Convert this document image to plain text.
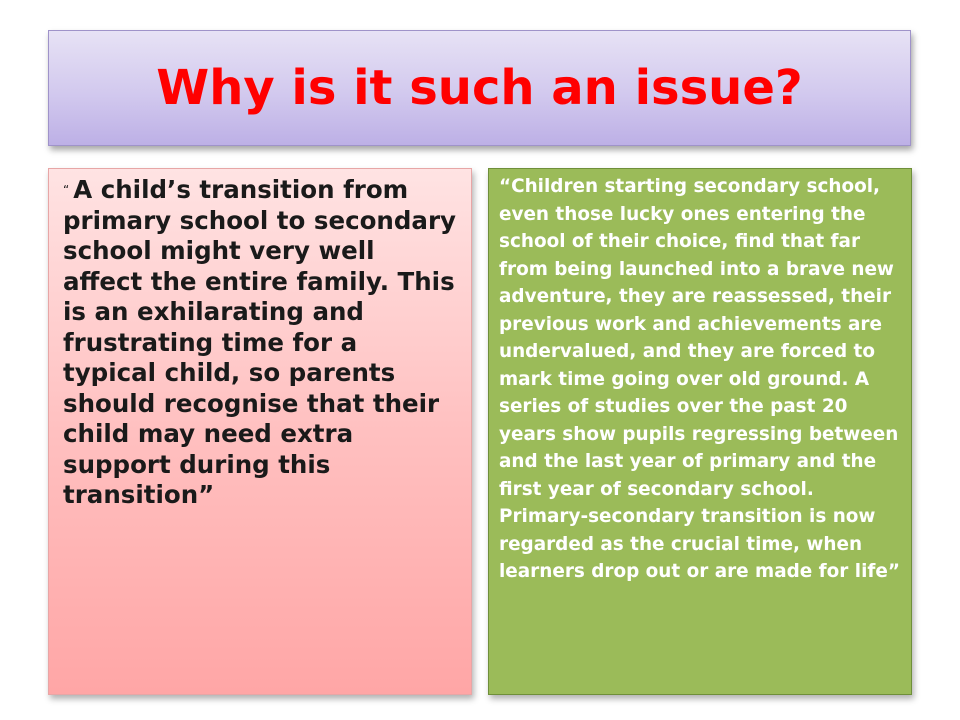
Why is it such an issue?

“ A child’s transition from primary school to secondary school might very well affect the entire family. This is an exhilarating and frustrating time for a typical child, so parents should recognise that their child may need extra support during this transition”

“Children starting secondary school, even those lucky ones entering the school of their choice, find that far from being launched into a brave new adventure, they are reassessed, their previous work and achievements are undervalued, and they are forced to mark time going over old ground. A series of studies over the past 20 years show pupils regressing between and the last year of primary and the first year of secondary school. Primary-secondary transition is now regarded as the crucial time, when learners drop out or are made for life”
